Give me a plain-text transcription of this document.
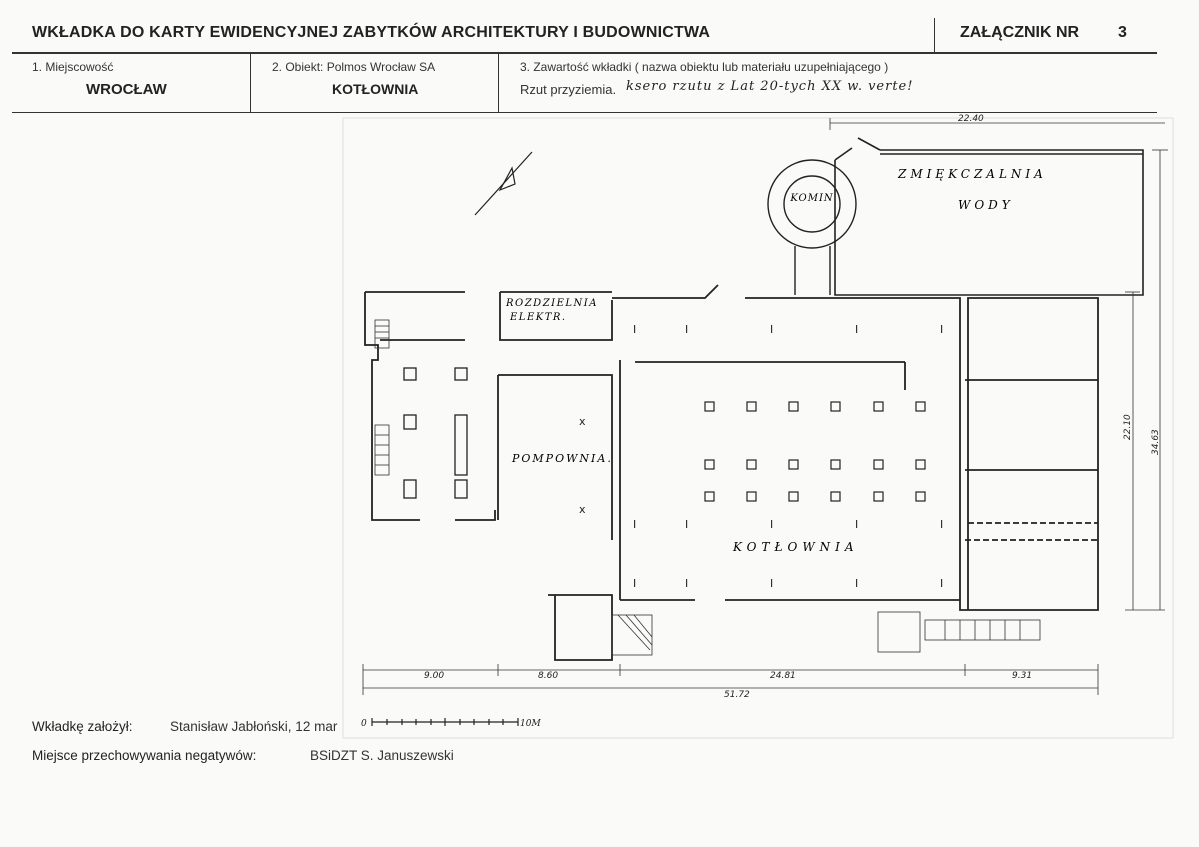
WKŁADKA DO KARTY EWIDENCYJNEJ ZABYTKÓW ARCHITEKTURY I BUDOWNICTWA	ZAŁĄCZNIK NR 3
1. Miejscowość
WROCŁAW
2. Obiekt: Polmos Wrocław SA
KOTŁOWNIA
3. Zawartość wkładki ( nazwa obiektu lub materiału uzupełniającego )
Rzut przyziemia. ksero rzutu z Lat 20-tych XX w. verte!
I	I	I	I	I
I	I	I	I	I
I	I	I	I	I
x
x
KOMIN
ZMIĘKCZALNIA
WODY
ROZDZIELNIA
ELEKTR.
POMPOWNIA.
KOTŁOWNIA
22.40
22.10
34.63
9.00	8.60	24.81	9.31
51.72
0	10M
Wkładkę założył:	Stanisław Jabłoński, 12 mar
Miejsce przechowywania negatywów:	BSiDZT S. Januszewski
